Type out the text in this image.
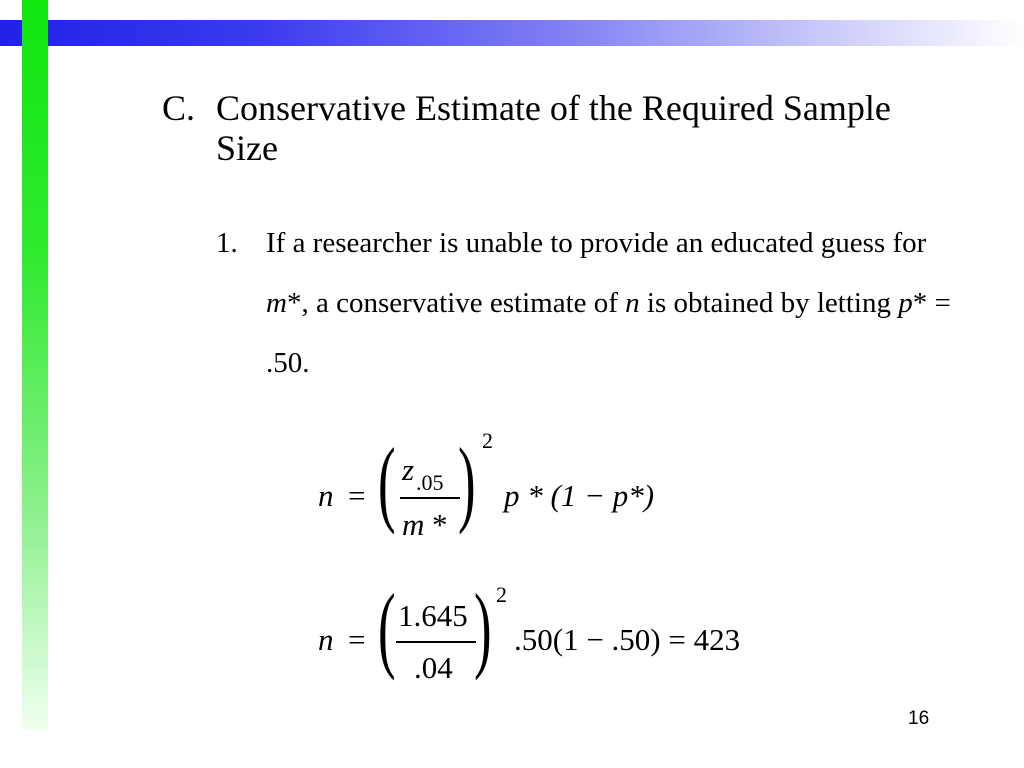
C. Conservative Estimate of the Required Sample
Size
1. If a researcher is unable to provide an educated guess for m*, a conservative estimate of n is obtained by letting p* = .50.
n = ( z .05
m * ) 2
p * (1 − p*)
n = ( 1.645
.04 ) 2
.50(1 − .50) = 423
16
